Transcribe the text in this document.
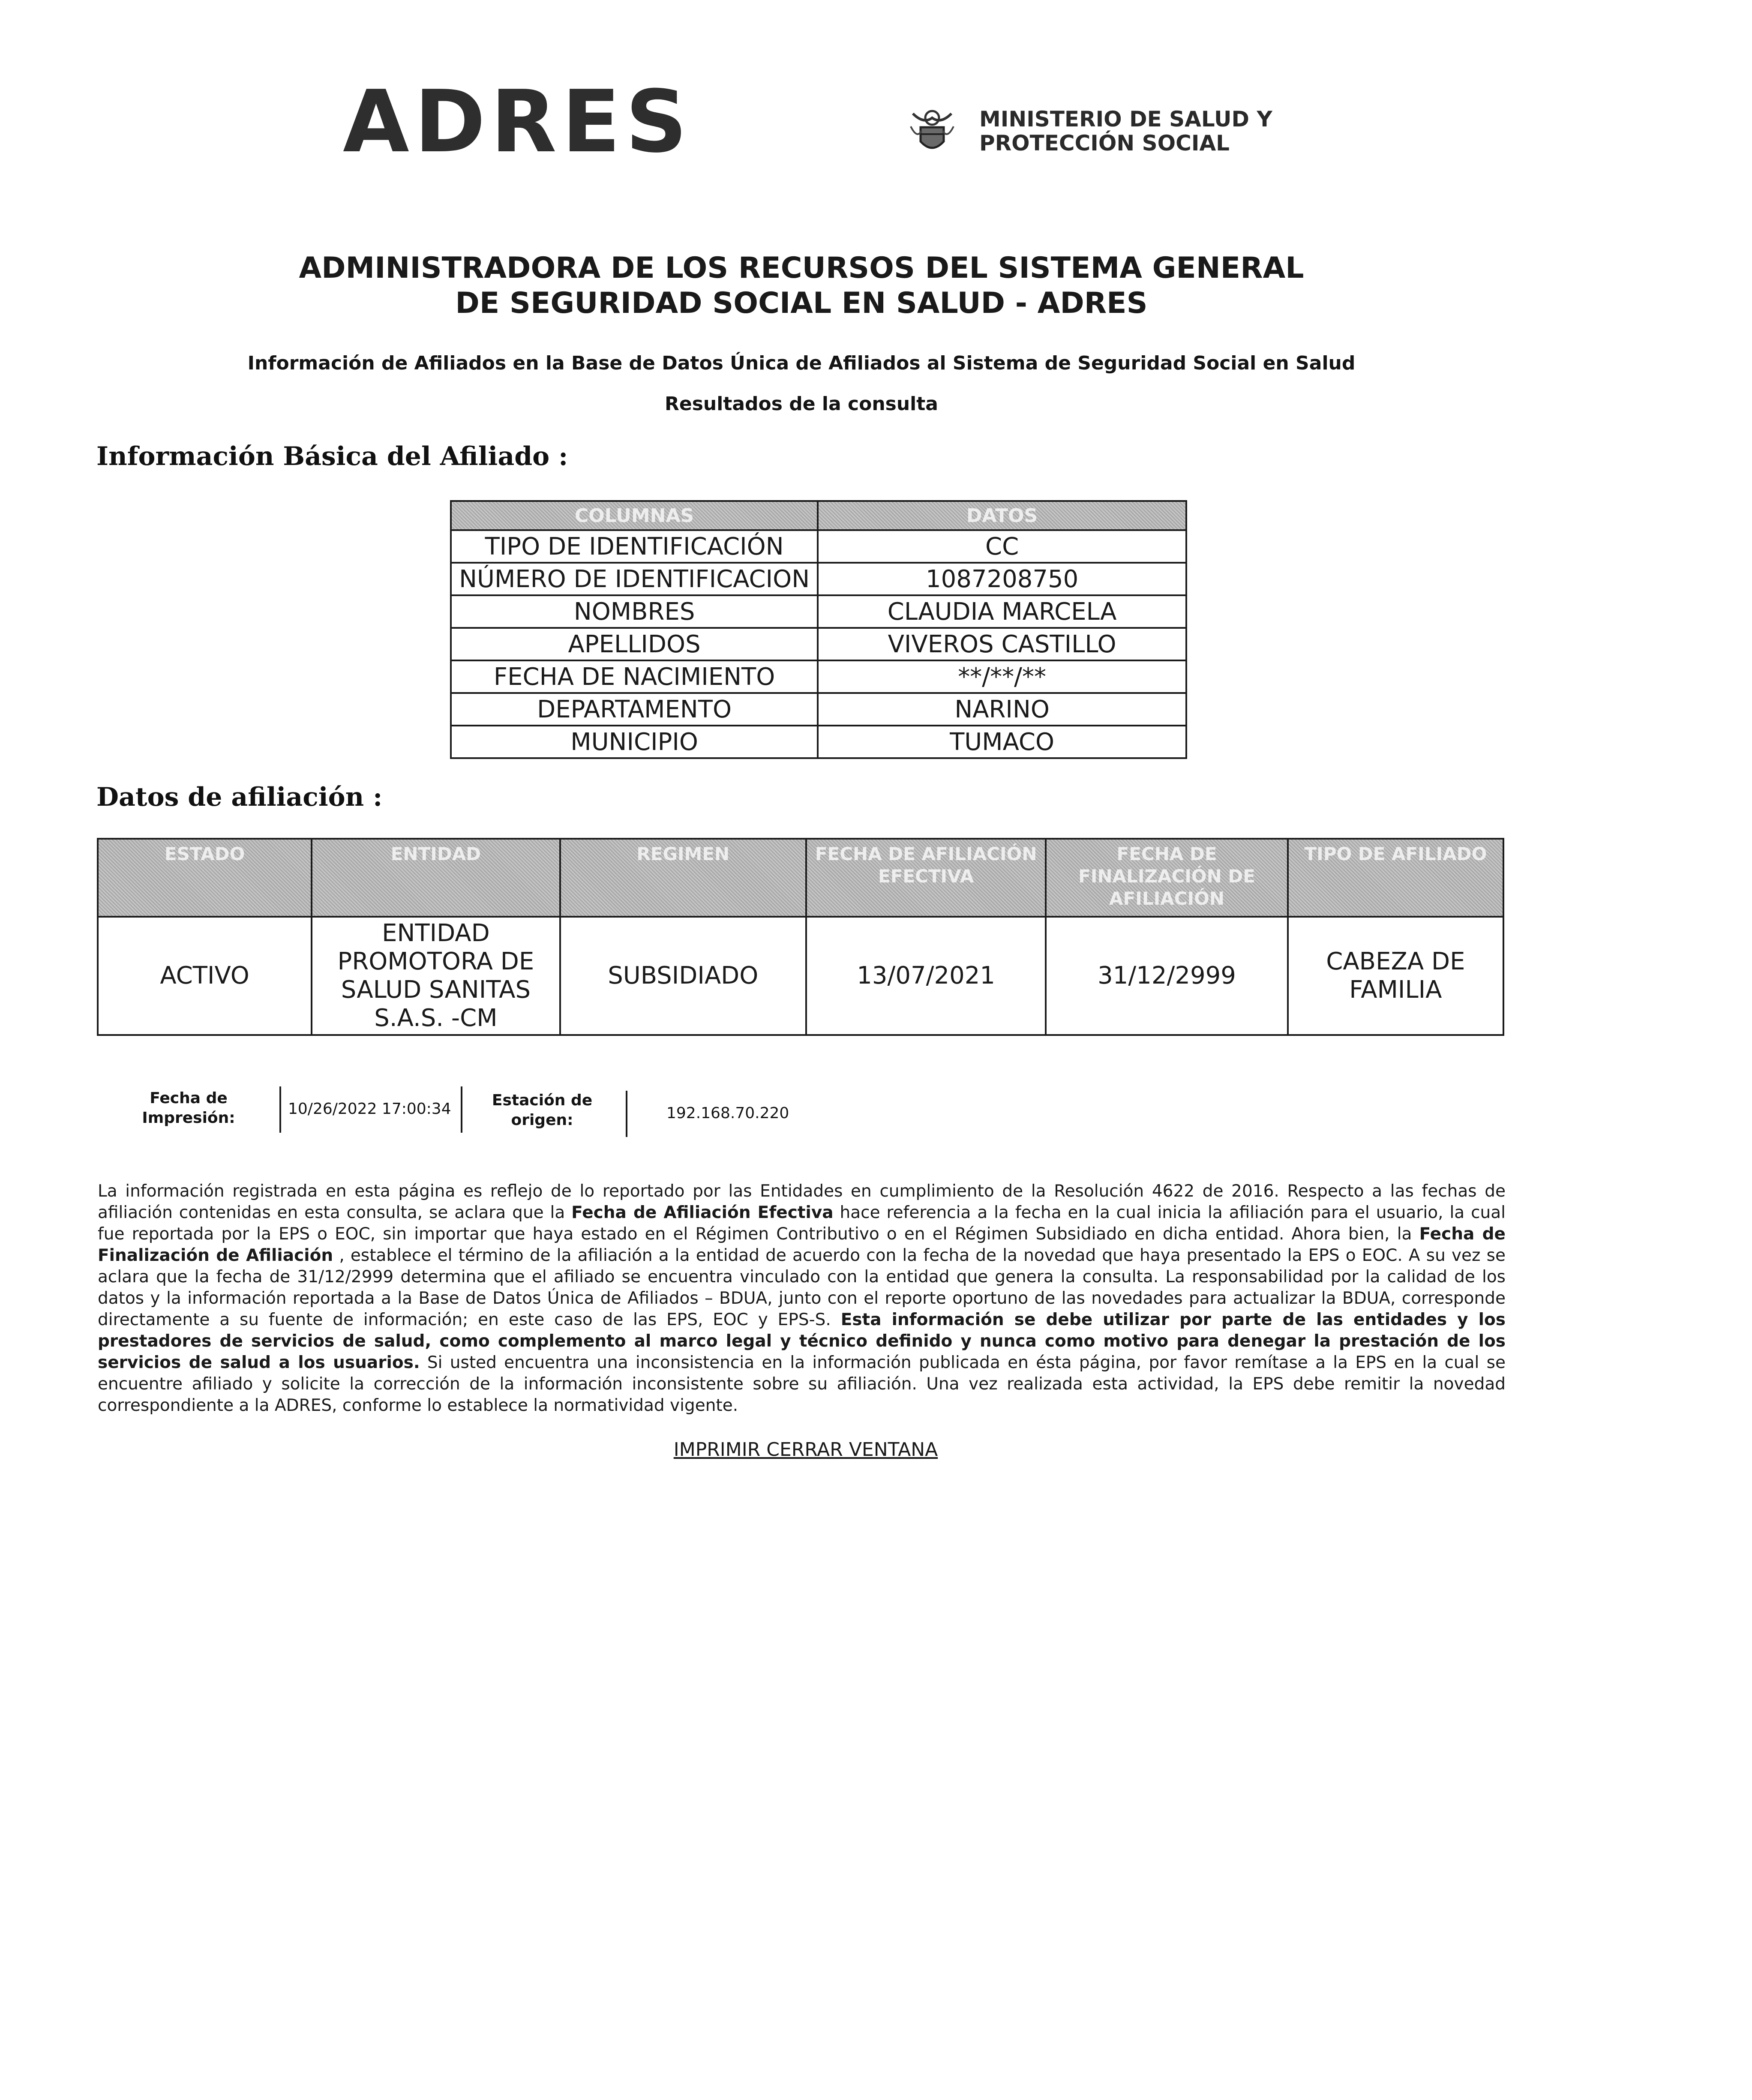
ADRES	MINISTERIO DE SALUD Y
PROTECCIÓN SOCIAL
ADMINISTRADORA DE LOS RECURSOS DEL SISTEMA GENERAL
DE SEGURIDAD SOCIAL EN SALUD - ADRES
Información de Afiliados en la Base de Datos Única de Afiliados al Sistema de Seguridad Social en Salud
Resultados de la consulta
Información Básica del Afiliado :
COLUMNAS	DATOS
TIPO DE IDENTIFICACIÓN	CC
NÚMERO DE IDENTIFICACION	1087208750
NOMBRES	CLAUDIA MARCELA
APELLIDOS	VIVEROS CASTILLO
FECHA DE NACIMIENTO	**/**/**
DEPARTAMENTO	NARINO
MUNICIPIO	TUMACO
Datos de afiliación :
ESTADO	ENTIDAD	REGIMEN	FECHA DE AFILIACIÓN EFECTIVA	FECHA DE FINALIZACIÓN DE AFILIACIÓN	TIPO DE AFILIADO
ACTIVO	ENTIDAD PROMOTORA DE SALUD SANITAS S.A.S. -CM	SUBSIDIADO	13/07/2021	31/12/2999	CABEZA DE FAMILIA
Fecha de Impresión:
10/26/2022 17:00:34	Estación de origen:	192.168.70.220
La información registrada en esta página es reflejo de lo reportado por las Entidades en cumplimiento de la Resolución 4622 de 2016. Respecto a las fechas de afiliación contenidas en esta consulta, se aclara que la Fecha de Afiliación Efectiva hace referencia a la fecha en la cual inicia la afiliación para el usuario, la cual fue reportada por la EPS o EOC, sin importar que haya estado en el Régimen Contributivo o en el Régimen Subsidiado en dicha entidad. Ahora bien, la Fecha de Finalización de Afiliación , establece el término de la afiliación a la entidad de acuerdo con la fecha de la novedad que haya presentado la EPS o EOC. A su vez se aclara que la fecha de 31/12/2999 determina que el afiliado se encuentra vinculado con la entidad que genera la consulta. La responsabilidad por la calidad de los datos y la información reportada a la Base de Datos Única de Afiliados – BDUA, junto con el reporte oportuno de las novedades para actualizar la BDUA, corresponde directamente a su fuente de información; en este caso de las EPS, EOC y EPS-S. Esta información se debe utilizar por parte de las entidades y los prestadores de servicios de salud, como complemento al marco legal y técnico definido y nunca como motivo para denegar la prestación de los servicios de salud a los usuarios. Si usted encuentra una inconsistencia en la información publicada en ésta página, por favor remítase a la EPS en la cual se encuentre afiliado y solicite la corrección de la información inconsistente sobre su afiliación. Una vez realizada esta actividad, la EPS debe remitir la novedad correspondiente a la ADRES, conforme lo establece la normatividad vigente.
IMPRIMIR CERRAR VENTANA
